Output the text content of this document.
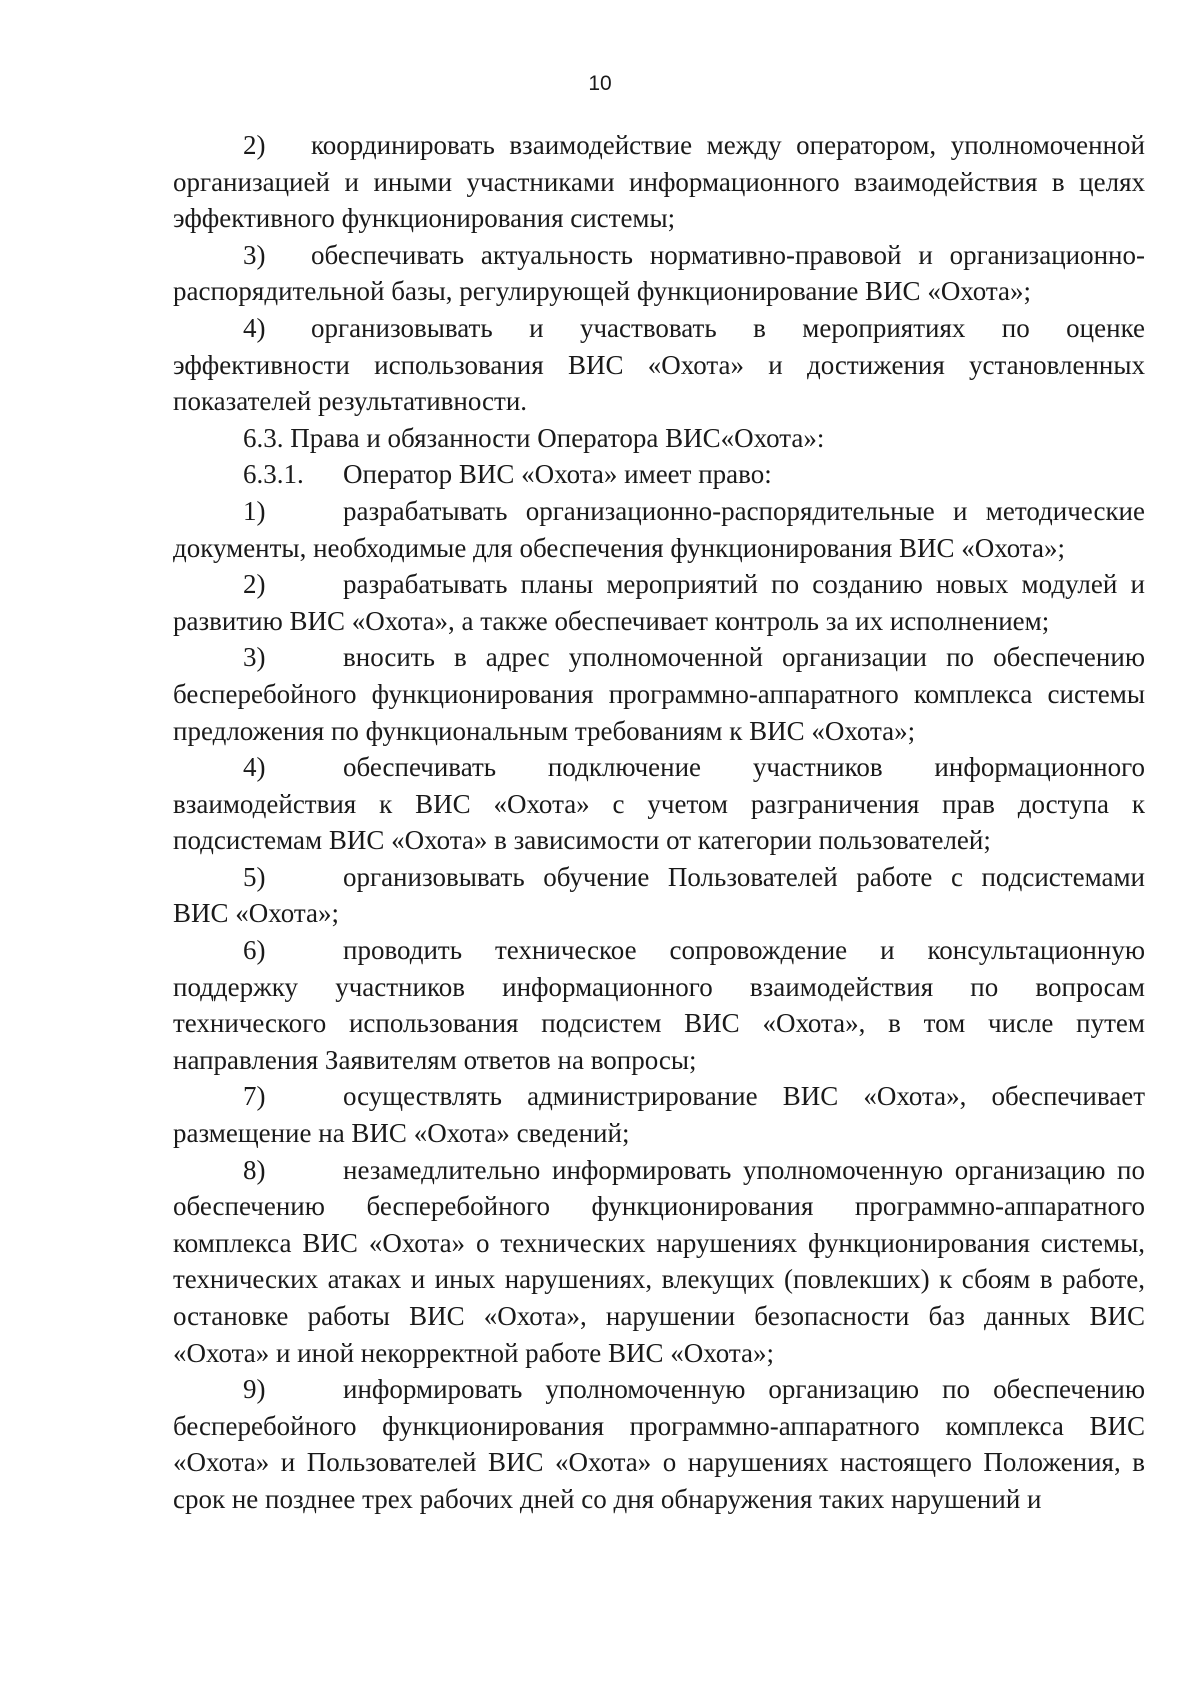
10

2) координировать взаимодействие между оператором, уполномоченной организацией и иными участниками информационного взаимодействия в целях эффективного функционирования системы;

3) обеспечивать актуальность нормативно-правовой и организационно-распорядительной базы, регулирующей функционирование ВИС «Охота»;

4) организовывать и участвовать в мероприятиях по оценке эффективности использования ВИС «Охота» и достижения установленных показателей результативности.

6.3. Права и обязанности Оператора ВИС«Охота»:

6.3.1. Оператор ВИС «Охота» имеет право:

1)	разрабатывать организационно-распорядительные и методические документы, необходимые для обеспечения функционирования ВИС «Охота»;

2)	разрабатывать планы мероприятий по созданию новых модулей и развитию ВИС «Охота», а также обеспечивает контроль за их исполнением;

3)	вносить в адрес уполномоченной организации по обеспечению бесперебойного функционирования программно-аппаратного комплекса системы предложения по функциональным требованиям к ВИС «Охота»;

4)	обеспечивать подключение участников информационного взаимодействия к ВИС «Охота» с учетом разграничения прав доступа к подсистемам ВИС «Охота» в зависимости от категории пользователей;

5)	организовывать обучение Пользователей работе с подсистемами ВИС «Охота»;

6)	проводить техническое сопровождение и консультационную поддержку участников информационного взаимодействия по вопросам технического использования подсистем ВИС «Охота», в том числе путем направления Заявителям ответов на вопросы;

7)	осуществлять администрирование ВИС «Охота», обеспечивает размещение на ВИС «Охота» сведений;

8)	незамедлительно информировать уполномоченную организацию по обеспечению бесперебойного функционирования программно-аппаратного комплекса ВИС «Охота» о технических нарушениях функционирования системы, технических атаках и иных нарушениях, влекущих (повлекших) к сбоям в работе, остановке работы ВИС «Охота», нарушении безопасности баз данных ВИС «Охота» и иной некорректной работе ВИС «Охота»;

9)	информировать уполномоченную организацию по обеспечению бесперебойного функционирования программно-аппаратного комплекса ВИС «Охота» и Пользователей ВИС «Охота» о нарушениях настоящего Положения, в срок не позднее трех рабочих дней со дня обнаружения таких нарушений и
